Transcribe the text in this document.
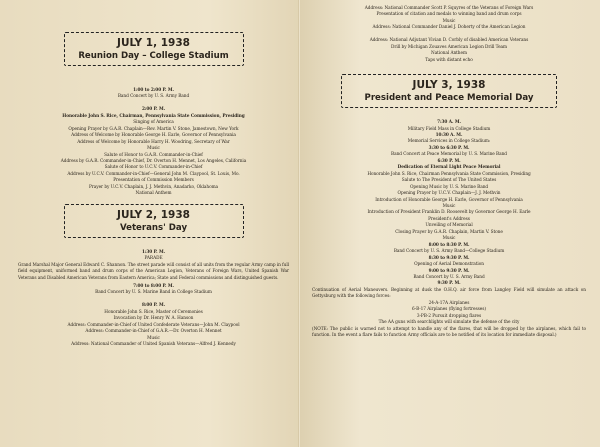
JULY 1, 1938
Reunion Day – College Stadium
1:00 to 2:00 P. M.
Band Concert by U. S. Army Band

2:00 P. M.
Honorable John S. Rice, Chairman, Pennsylvania State Commission, Presiding
Singing of America
Opening Prayer by G.A.R. Chaplain—Rev. Martin V. Stone, Jamestown, New York
Address of Welcome by Honorable George H. Earle, Governor of Pennsylvania
Address of Welcome by Honorable Harry H. Woodring, Secretary of War
Music
Salute of Honor to G.A.R. Commander-in-Chief
Address by G.A.R. Commander-in-Chief, Dr. Overton H. Mennet, Los Angeles, California
Salute of Honor to U.C.V. Commander-in-Chief
Address by U.C.V. Commander-in-Chief—General John M. Claypool, St. Louis, Mo.
Presentation of Commission Members
Prayer by U.C.V. Chaplain, J. J. Methvin, Anadarko, Oklahoma
National Anthem
JULY 2, 1938
Veterans' Day
1:30 P. M.
PARADE
Grand Marshal Major General Edward C. Shannon. The street parade will consist of all units from the regular Army camp in full field equipment, uniformed band and drum corps of the American Legion, Veterans of Foreign Wars, United Spanish War Veterans and Disabled American Veterans from Eastern America; State and Federal commissions and distinguished guests.
7:00 to 8:00 P. M.
Band Concert by U. S. Marine Band in College Stadium

8:00 P. M.
Honorable John S. Rice, Master of Ceremonies
Invocation by Dr. Henry W. A. Hanson
Address: Commander-in-Chief of United Confederate Veterans—John M. Claypool
Address: Commander-in-Chief of G.A.R.—Dr. Overton H. Mennet
Music
Address: National Commander of United Spanish Veterans—Alfred J. Kennedy
Address: National Commander Scott P. Squyres of the Veterans of Foreign Wars
Presentation of citation and medals to winning band and drum corps
Music
Address: National Commander Daniel J. Doherty of the American Legion

Address: National Adjutant Vivian D. Corbly of disabled American Veterans
Drill by Michigan Zouaves American Legion Drill Team
National Anthem
Taps with distant echo
JULY 3, 1938
President and Peace Memorial Day
7:30 A. M.
Military Field Mass in College Stadium
10:30 A. M.
Memorial Services in College Stadium:
3:30 to 6:30 P. M.
Band Concert at Peace Memorial by U. S. Marine Band
6:30 P. M.
Dedication of Eternal Light Peace Memorial
Honorable John S. Rice, Chairman Pennsylvania State Commission, Presiding
Salute to The President of The United States
Opening Music by U. S. Marine Band
Opening Prayer by U.C.V. Chaplain—J. J. Methvin
Introduction of Honorable George H. Earle, Governor of Pennsylvania
Music
Introduction of President Franklin D. Roosevelt by Governor George H. Earle
President's Address
Unveiling of Memorial
Closing Prayer by G.A.R. Chaplain, Martin V. Stone
Music
8:00 to 8:30 P. M.
Band Concert by U. S. Army Band—College Stadium
8:30 to 9:30 P. M.
Opening of Aerial Demonstration
9:00 to 9:30 P. M.
Band Concert by U. S. Army Band
9:30 P. M.
Continuation of Aerial Maneuvers. Beginning at dusk the O.H.Q. air force from Langley Field will simulate an attack on Gettysburg with the following forces:
24-A-17A Airplanes
6-B-17 Airplanes (flying fortresses)
3-PB-2 Pursuit dropping flares
The AA guns with searchlights will simulate the defense of the city
(NOTE: The public is warned not to attempt to handle any of the flares, that will be dropped by the airplanes, which fail to function. In the event a flare fails to function Army officials are to be notified of its location for immediate disposal.)
